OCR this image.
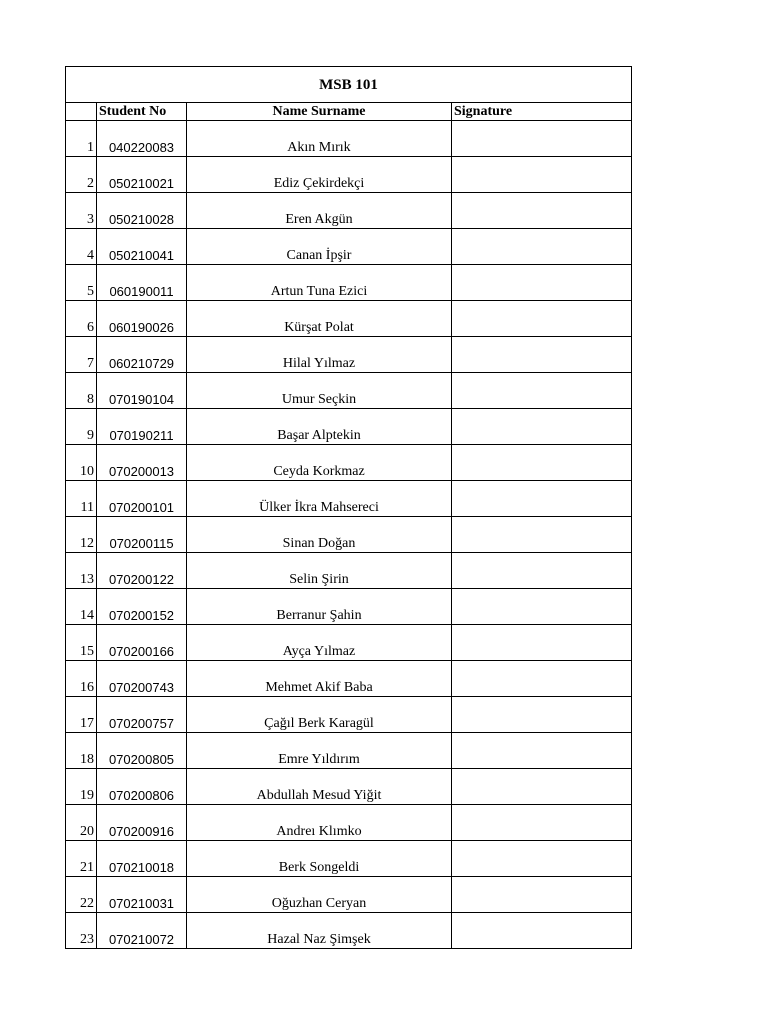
MSB 101			
	Student No	Name Surname	Signature
1	040220083	Akın Mırık	
2	050210021	Ediz Çekirdekçi	
3	050210028	Eren Akgün	
4	050210041	Canan İpşir	
5	060190011	Artun Tuna Ezici	
6	060190026	Kürşat Polat	
7	060210729	Hilal Yılmaz	
8	070190104	Umur Seçkin	
9	070190211	Başar Alptekin	
10	070200013	Ceyda Korkmaz	
11	070200101	Ülker İkra Mahsereci	
12	070200115	Sinan Doğan	
13	070200122	Selin Şirin	
14	070200152	Berranur Şahin	
15	070200166	Ayça Yılmaz	
16	070200743	Mehmet Akif Baba	
17	070200757	Çağıl Berk Karagül	
18	070200805	Emre Yıldırım	
19	070200806	Abdullah Mesud Yiğit	
20	070200916	Andreı Klımko	
21	070210018	Berk Songeldi	
22	070210031	Oğuzhan Ceryan	
23	070210072	Hazal Naz Şimşek	
